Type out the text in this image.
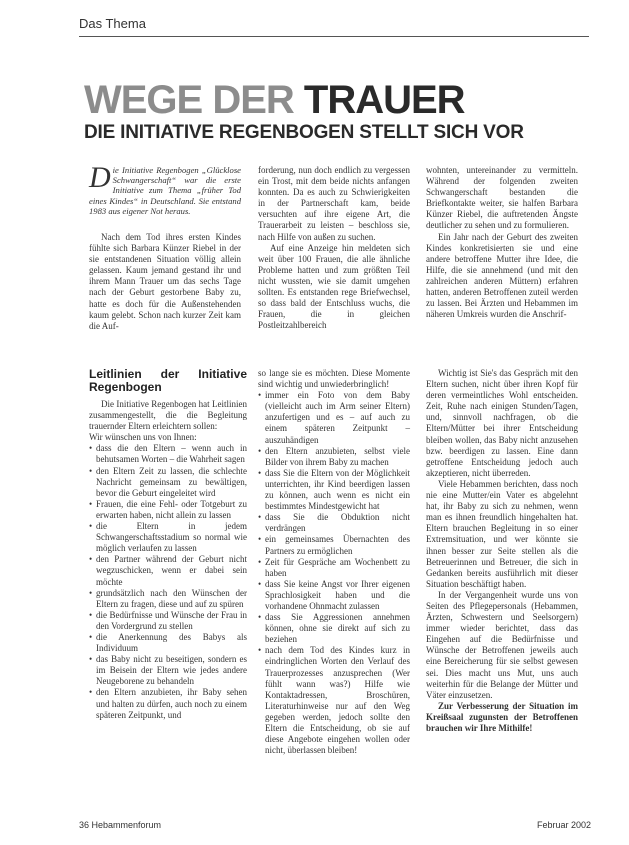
Das Thema
WEGE DER TRAUER
DIE INITIATIVE REGENBOGEN STELLT SICH VOR

Die Initiative Regenbogen „Glücklose Schwangerschaft“ war die erste Initiative zum Thema „früher Tod eines Kindes“ in Deutschland. Sie entstand 1983 aus eigener Not heraus.

Nach dem Tod ihres ersten Kindes fühlte sich Barbara Künzer Riebel in der sie entstandenen Situation völlig allein gelassen. Kaum jemand gestand ihr und ihrem Mann Trauer um das sechs Tage nach der Geburt gestorbene Baby zu, hatte es doch für die Außenstehenden kaum gelebt. Schon nach kurzer Zeit kam die Auf-

forderung, nun doch endlich zu vergessen ein Trost, mit dem beide nichts anfangen konnten. Da es auch zu Schwierigkeiten in der Partnerschaft kam, beide versuchten auf ihre eigene Art, die Trauerarbeit zu leisten – beschloss sie, nach Hilfe von außen zu suchen.

Auf eine Anzeige hin meldeten sich weit über 100 Frauen, die alle ähnliche Probleme hatten und zum größten Teil nicht wussten, wie sie damit umgehen sollten. Es entstanden rege Briefwechsel, so dass bald der Entschluss wuchs, die Frauen, die in gleichen Postleitzahlbereich

wohnten, untereinander zu vermitteln. Während der folgenden zweiten Schwangerschaft bestanden die Briefkontakte weiter, sie halfen Barbara Künzer Riebel, die auftretenden Ängste deutlicher zu sehen und zu formulieren.

Ein Jahr nach der Geburt des zweiten Kindes konkretisierten sie und eine andere betroffene Mutter ihre Idee, die Hilfe, die sie annehmend (und mit den zahlreichen anderen Müttern) erfahren hatten, anderen Betroffenen zuteil werden zu lassen. Bei Ärzten und Hebammen im näheren Umkreis wurden die Anschrif-

Leitlinien der Initiative Regenbogen

Die Initiative Regenbogen hat Leitlinien zusammengestellt, die die Begleitung trauernder Eltern erleichtern sollen:

Wir wünschen uns von Ihnen:

• dass die den Eltern – wenn auch in behutsamen Worten – die Wahrheit sagen
• den Eltern Zeit zu lassen, die schlechte Nachricht gemeinsam zu bewältigen, bevor die Geburt eingeleitet wird
• Frauen, die eine Fehl- oder Totgeburt zu erwarten haben, nicht allein zu lassen
• die Eltern in jedem Schwangerschaftsstadium so normal wie möglich verlaufen zu lassen
• den Partner während der Geburt nicht wegzuschicken, wenn er dabei sein möchte
• grundsätzlich nach den Wünschen der Eltern zu fragen, diese und auf zu spüren
• die Bedürfnisse und Wünsche der Frau in den Vordergrund zu stellen
• die Anerkennung des Babys als Individuum
• das Baby nicht zu beseitigen, sondern es im Beisein der Eltern wie jedes andere Neugeborene zu behandeln
• den Eltern anzubieten, ihr Baby sehen und halten zu dürfen, auch noch zu einem späteren Zeitpunkt, und

so lange sie es möchten. Diese Momente sind wichtig und unwiederbringlich!

• immer ein Foto von dem Baby (vielleicht auch im Arm seiner Eltern) anzufertigen und es – auf auch zu einem späteren Zeitpunkt – auszuhändigen
• den Eltern anzubieten, selbst viele Bilder von ihrem Baby zu machen
• dass Sie die Eltern von der Möglichkeit unterrichten, ihr Kind beerdigen lassen zu können, auch wenn es nicht ein bestimmtes Mindestgewicht hat
• dass Sie die Obduktion nicht verdrängen
• ein gemeinsames Übernachten des Partners zu ermöglichen
• Zeit für Gespräche am Wochenbett zu haben
• dass Sie keine Angst vor Ihrer eigenen Sprachlosigkeit haben und die vorhandene Ohnmacht zulassen
• dass Sie Aggressionen annehmen können, ohne sie direkt auf sich zu beziehen
• nach dem Tod des Kindes kurz in eindringlichen Worten den Verlauf des Trauerprozesses anzusprechen (Wer fühlt wann was?) Hilfe wie Kontaktadressen, Broschüren, Literaturhinweise nur auf den Weg gegeben werden, jedoch sollte den Eltern die Entscheidung, ob sie auf diese Angebote eingehen wollen oder nicht, überlassen bleiben!

Wichtig ist Sie's das Gespräch mit den Eltern suchen, nicht über ihren Kopf für deren vermeintliches Wohl entscheiden. Zeit, Ruhe nach einigen Stunden/Tagen, und, sinnvoll nachfragen, ob die Eltern/Mütter bei ihrer Entscheidung bleiben wollen, das Baby nicht anzusehen bzw. beerdigen zu lassen. Eine dann getroffene Entscheidung jedoch auch akzeptieren, nicht überreden.

Viele Hebammen berichten, dass noch nie eine Mutter/ein Vater es abgelehnt hat, ihr Baby zu sich zu nehmen, wenn man es ihnen freundlich hingehalten hat. Eltern brauchen Begleitung in so einer Extremsituation, und wer könnte sie ihnen besser zur Seite stellen als die Betreuerinnen und Betreuer, die sich in Gedanken bereits ausführlich mit dieser Situation beschäftigt haben.

In der Vergangenheit wurde uns von Seiten des Pflegepersonals (Hebammen, Ärzten, Schwestern und Seelsorgern) immer wieder berichtet, dass das Eingehen auf die Bedürfnisse und Wünsche der Betroffenen jeweils auch eine Bereicherung für sie selbst gewesen sei. Dies macht uns Mut, uns auch weiterhin für die Belange der Mütter und Väter einzusetzen.

Zur Verbesserung der Situation im Kreißsaal zugunsten der Betroffenen brauchen wir Ihre Mithilfe!

36 Hebammenforum	Februar 2002
